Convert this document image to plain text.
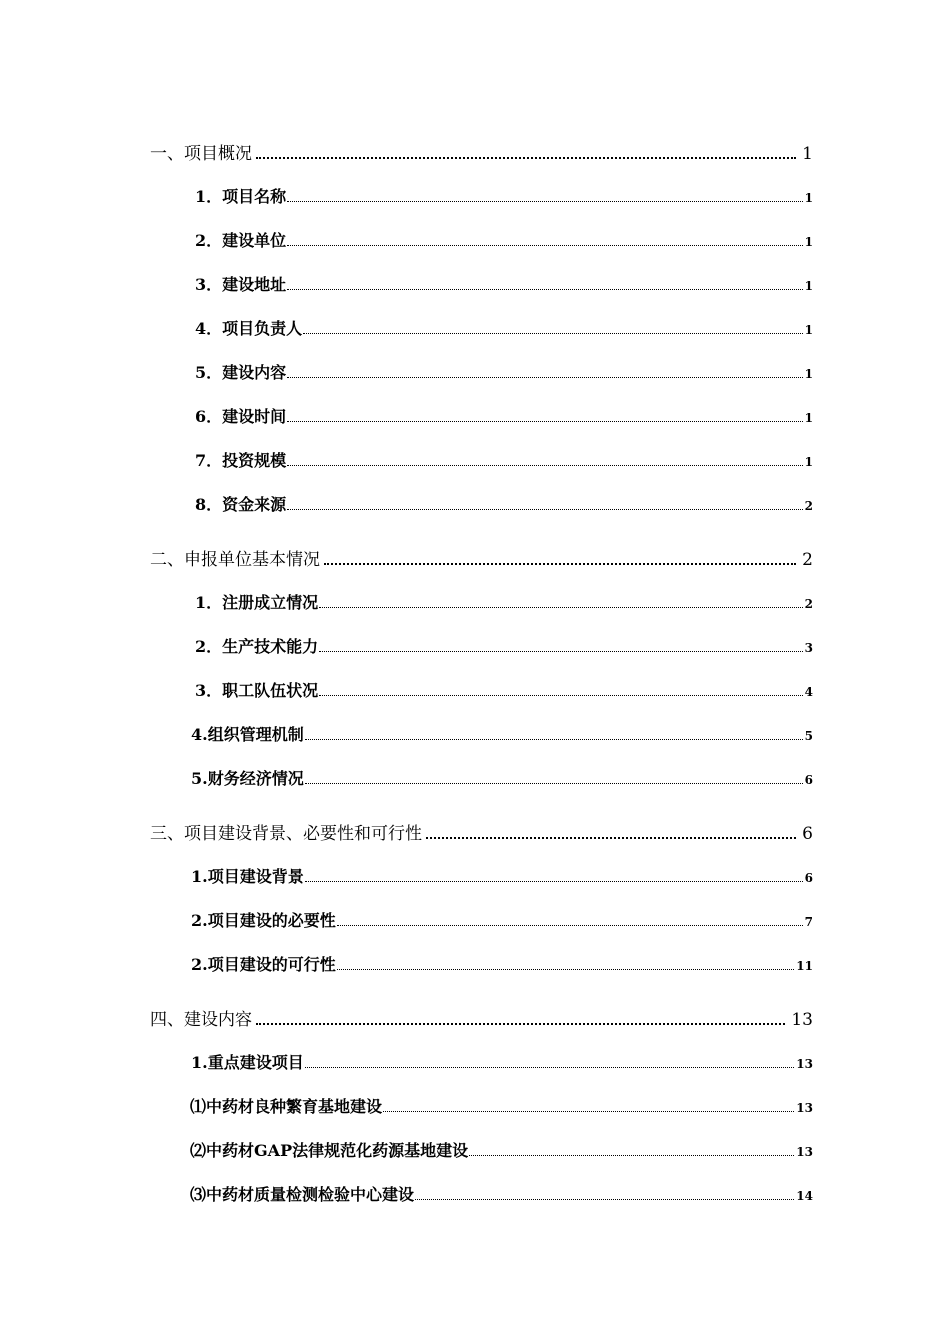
一、项目概况	1
1．项目名称	1
2．建设单位	1
3．建设地址	1
4．项目负责人	1
5．建设内容	1
6．建设时间	1
7．投资规模	1
8．资金来源	2
二、申报单位基本情况	2
1．注册成立情况	2
2．生产技术能力	3
3．职工队伍状况	4
4.组织管理机制	5
5.财务经济情况	6
三、项目建设背景、必要性和可行性	6
1.项目建设背景	6
2.项目建设的必要性	7
2.项目建设的可行性	11
四、建设内容	13
1.重点建设项目	13
⑴中药材良种繁育基地建设	13
⑵中药材GAP法律规范化药源基地建设	13
⑶中药材质量检测检验中心建设	14
